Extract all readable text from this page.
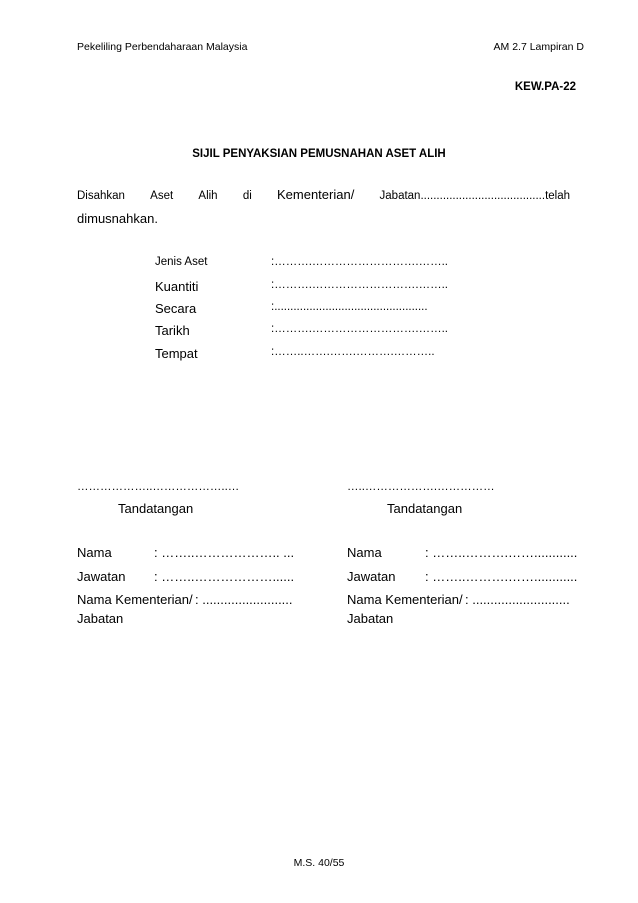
Pekeliling Perbendaharaan Malaysia	AM 2.7 Lampiran D
KEW.PA-22
SIJIL PENYAKSIAN PEMUSNAHAN ASET ALIH
Disahkan Aset Alih di Kementerian/ Jabatan.......................................telah
dimusnahkan.
Jenis Aset	:……….……………………….……..
Kuantiti	:……….……………………….……..
Secara	:................................................
Tarikh	:……….……………………….……..
Tempat	:……..…….…….……….………..
………………..………………..…	…..……………….……………
Tandatangan	Tandatangan
Nama	: ……..……………….. ...
Jawatan : ……..………………......
Nama Kementerian/ : .........................
Jabatan
Nama	: ……..……….……............
Jawatan : ……..……….……............
Nama Kementerian/ : ...........................
Jabatan
M.S. 40/55
